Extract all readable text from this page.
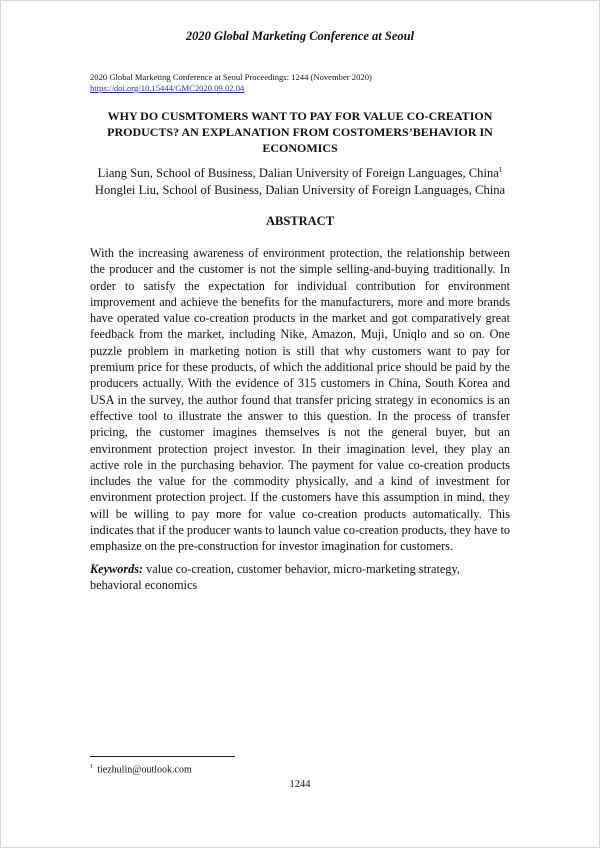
2020 Global Marketing Conference at Seoul
2020 Global Marketing Conference at Seoul Proceedings: 1244 (November 2020)
https://doi.org/10.15444/GMC2020.09.02.04
WHY DO CUSMTOMERS WANT TO PAY FOR VALUE CO-CREATION PRODUCTS? AN EXPLANATION FROM COSTOMERS’BEHAVIOR IN ECONOMICS
Liang Sun, School of Business, Dalian University of Foreign Languages, China$^1$
Honglei Liu, School of Business, Dalian University of Foreign Languages, China
ABSTRACT

With the increasing awareness of environment protection, the relationship between the producer and the customer is not the simple selling-and-buying traditionally. In order to satisfy the expectation for individual contribution for environment improvement and achieve the benefits for the manufacturers, more and more brands have operated value co-creation products in the market and got comparatively great feedback from the market, including Nike, Amazon, Muji, Uniqlo and so on. One puzzle problem in marketing notion is still that why customers want to pay for premium price for these products, of which the additional price should be paid by the producers actually. With the evidence of 315 customers in China, South Korea and USA in the survey, the author found that transfer pricing strategy in economics is an effective tool to illustrate the answer to this question. In the process of transfer pricing, the customer imagines themselves is not the general buyer, but an environment protection project investor. In their imagination level, they play an active role in the purchasing behavior. The payment for value co-creation products includes the value for the commodity physically, and a kind of investment for environment protection project. If the customers have this assumption in mind, they will be willing to pay more for value co-creation products automatically. This indicates that if the producer wants to launch value co-creation products, they have to emphasize on the pre-construction for investor imagination for customers.

Keywords: value co-creation, customer behavior, micro-marketing strategy, behavioral economics

$^1$ tiezhulin@outlook.com
1244
